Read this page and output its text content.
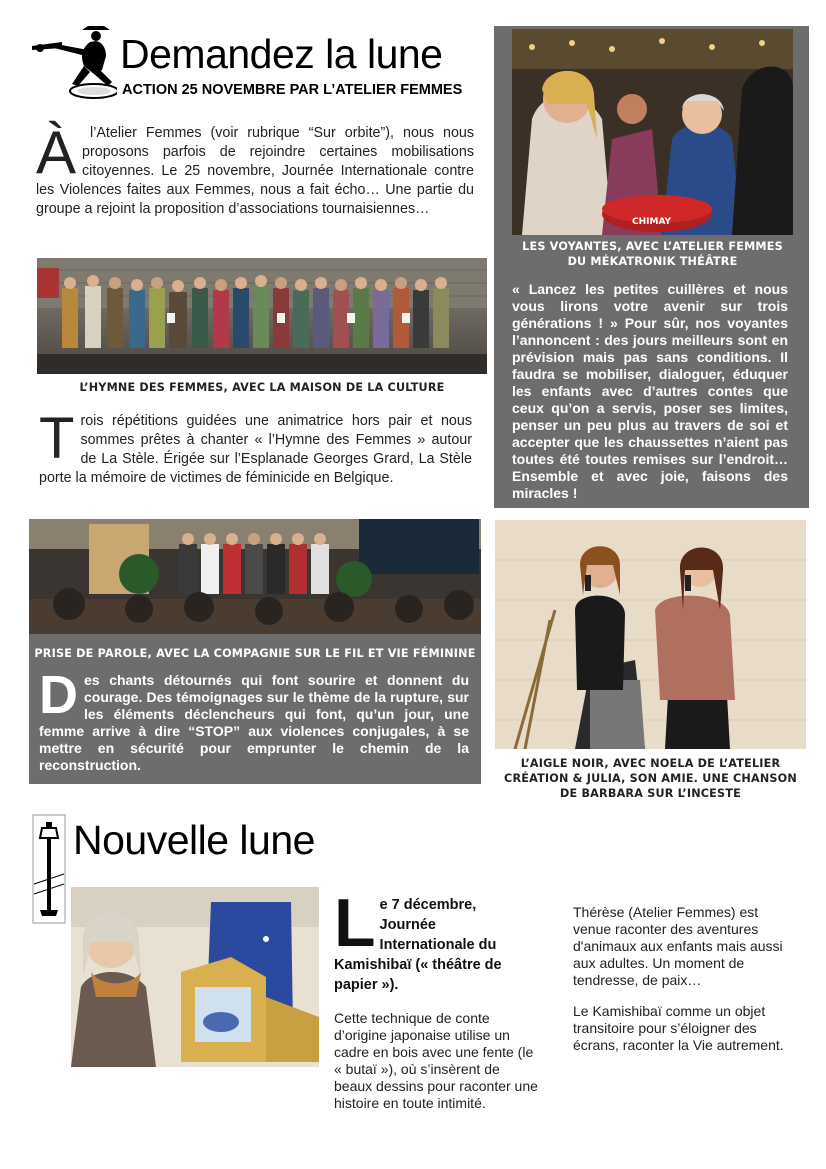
Demandez la lune
ACTION 25 NOVEMBRE PAR L’ATELIER FEMMES
À l’Atelier Femmes (voir rubrique “Sur orbite”), nous nous proposons parfois de rejoindre certaines mobilisations citoyennes. Le 25 novembre, Journée Internationale contre les Violences faites aux Femmes, nous a fait écho… Une partie du groupe a rejoint la proposition d’associations tournaisiennes…
L’HYMNE DES FEMMES, AVEC LA MAISON DE LA CULTURE
T rois répétitions guidées une animatrice hors pair et nous sommes prêtes à chanter « l’Hymne des Femmes » autour de La Stèle. Érigée sur l’Esplanade Georges Grard, La Stèle porte la mémoire de victimes de féminicide en Belgique.
CHIMAY
LES VOYANTES, AVEC L’ATELIER FEMMES DU MÉKATRONIK THÉÂTRE
« Lancez les petites cuillères et nous vous lirons votre avenir sur trois générations ! » Pour sûr, nos voyantes l’annoncent : des jours meilleurs sont en prévision mais pas sans conditions. Il faudra se mobiliser, dialoguer, éduquer les enfants avec d’autres contes que ceux qu’on a servis, poser ses limites, penser un peu plus au travers de soi et accepter que les chaussettes n’aient pas toutes été toutes remises sur l’endroit… Ensemble et avec joie, faisons des miracles !
PRISE DE PAROLE, AVEC LA COMPAGNIE SUR LE FIL ET VIE FÉMININE
D es chants détournés qui font sourire et donnent du courage. Des témoignages sur le thème de la rupture, sur les éléments déclencheurs qui font, qu’un jour, une femme arrive à dire “STOP” aux violences conjugales, à se mettre en sécurité pour emprunter le chemin de la reconstruction.	L’AIGLE NOIR, AVEC NOELA DE L’ATELIER CRÉATION & JULIA, SON AMIE. UNE CHANSON DE BARBARA SUR L’INCESTE
Nouvelle lune
L e 7 décembre, Journée Internationale du Kamishibaï (« théâtre de papier »).
Cette technique de conte d’origine japonaise utilise un cadre en bois avec une fente (le « butaï »), où s’insèrent de beaux dessins pour raconter une histoire en toute intimité.
Thérèse (Atelier Femmes) est venue raconter des aventures d'animaux aux enfants mais aussi aux adultes. Un moment de tendresse, de paix…
Le Kamishibaï comme un objet transitoire pour s’éloigner des écrans, raconter la Vie autrement.
